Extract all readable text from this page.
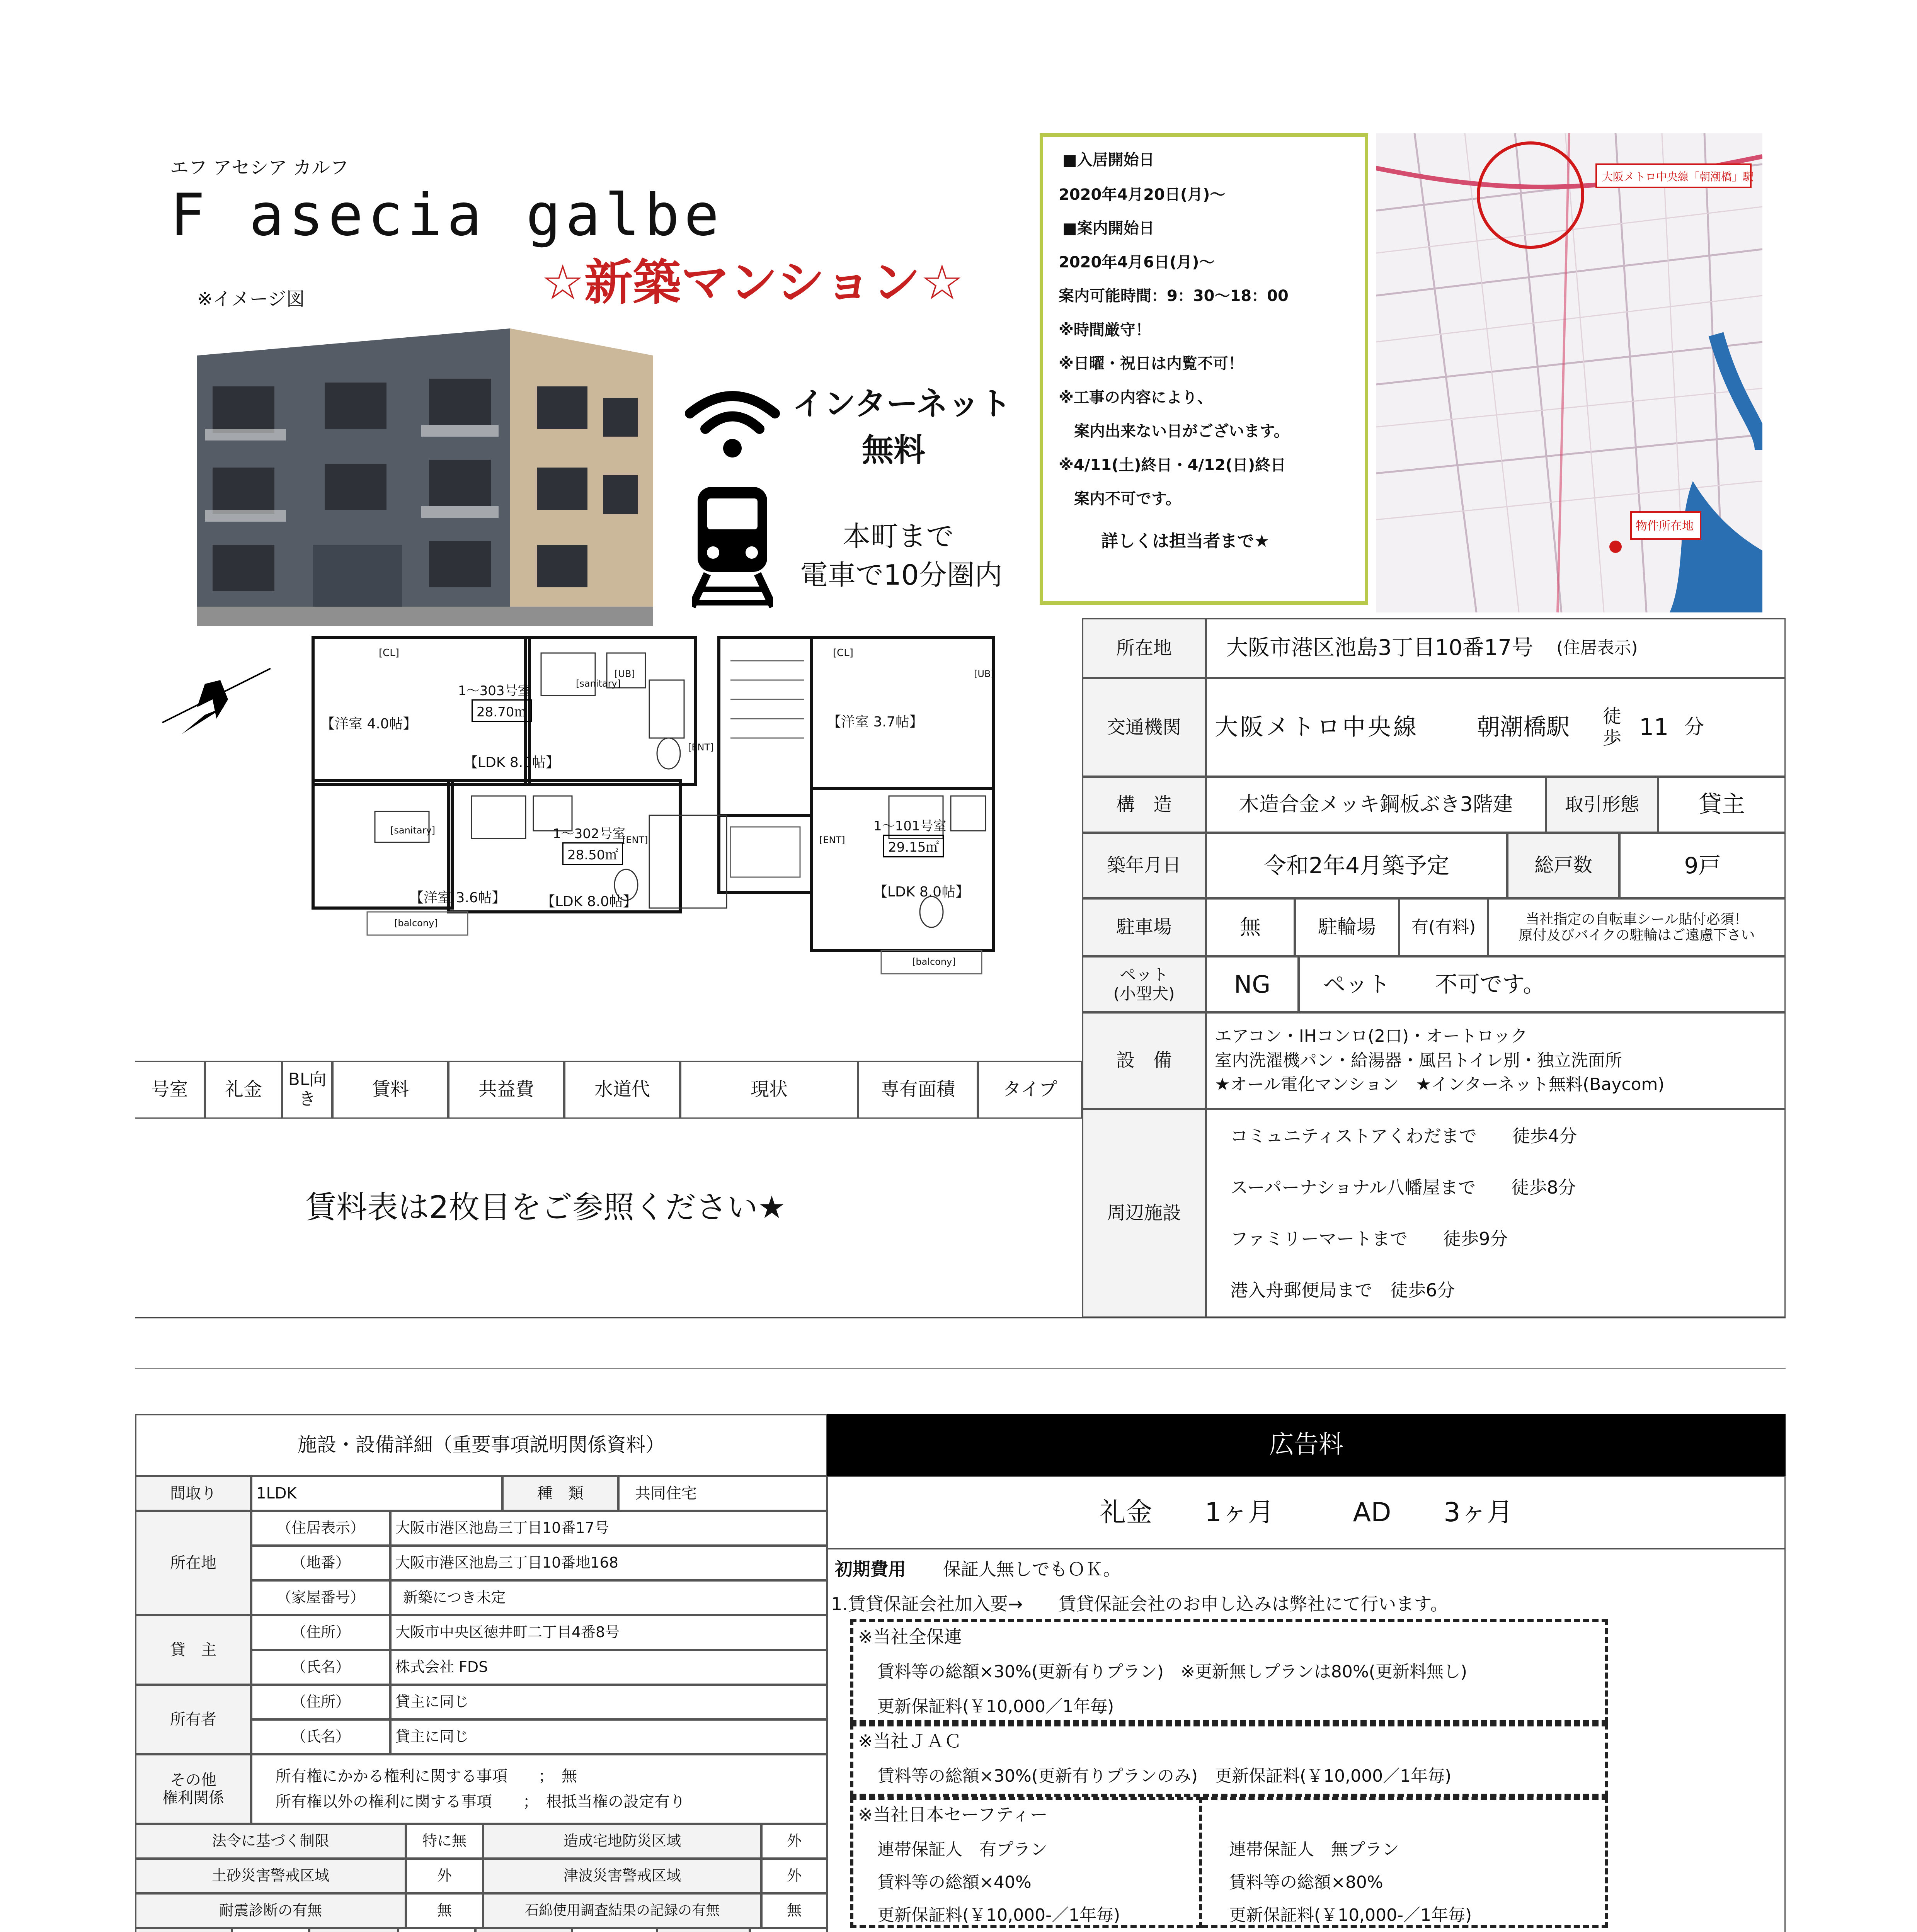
エフ アセシア カルフ
F asecia galbe
☆新築マンション☆
※イメージ図
インターネット
無料
本町まで
電車で10分圏内
■入居開始日
2020年4月20日(月)〜
■案内開始日
2020年4月6日(月)〜
案内可能時間：9：30〜18：00
※時間厳守！
※日曜・祝日は内覧不可！
※工事の内容により、
　案内出来ない日がございます。
※4/11(土)終日・4/12(日)終日
　案内不可です。
詳しくは担当者まで★
大阪メトロ中央線「朝潮橋」駅
物件所在地
[CL]	[CL]
[UB]	[UB]
[sanitary]
[sanitary]
1〜303号室
28.70㎡
【洋室 4.0帖】
【LDK 8.0帖】
【洋室 3.7帖】
[ENT]
1〜302号室
28.50㎡
1〜101号室
29.15㎡
[ENT]	[ENT]
【洋室 3.6帖】	【LDK 8.0帖】
【LDK 8.0帖】
[balcony]
[balcony]
所在地	大阪市港区池島3丁目10番17号 (住居表示)
交通機関	大阪メトロ中央線	朝潮橋駅 徒歩 11 分
構　造	木造合金メッキ鋼板ぶき3階建	取引形態	貸主
築年月日	令和2年4月築予定	総戸数	9戸
駐車場	無	駐輪場	有(有料)	当社指定の自転車シール貼付必須！
原付及びバイクの駐輪はご遠慮下さい
ペット
(小型犬)	NG	ペット　　不可です。
設　備
エアコン・IHコンロ(2口)・オートロック
室内洗濯機パン・給湯器・風呂トイレ別・独立洗面所
★オール電化マンション　★インターネット無料(Baycom)
周辺施設
コミュニティストアくわだまで　　徒歩4分
スーパーナショナル八幡屋まで　　徒歩8分
ファミリーマートまで　　徒歩9分
港入舟郵便局まで　徒歩6分
号室	礼金	BL向き	賃料	共益費	水道代	現状	専有面積	タイプ
賃料表は2枚目をご参照ください★
施設・設備詳細（重要事項説明関係資料）
間取り	1LDK	種　類	共同住宅
所在地
（住居表示）	大阪市港区池島三丁目10番17号
（地番）	大阪市港区池島三丁目10番地168
（家屋番号）	新築につき未定
貸　主
（住所）	大阪市中央区徳井町二丁目4番8号
（氏名）	株式会社 FDS
所有者
（住所）	貸主に同じ
（氏名）	貸主に同じ
その他
権利関係
所有権にかかる権利に関する事項　　；　無
所有権以外の権利に関する事項　　；　根抵当権の設定有り
法令に基づく制限	特に無	造成宅地防災区域	外
土砂災害警戒区域	外	津波災害警戒区域	外
耐震診断の有無	無	石綿使用調査結果の記録の有無	無
広告料
礼金　　1ヶ月　　　AD　　3ヶ月
初期費用 保証人無しでもＯＫ。
1.賃貸保証会社加入要→　　賃貸保証会社のお申し込みは弊社にて行います。
※当社全保連
賃料等の総額×30%(更新有りプラン)　※更新無しプランは80%(更新料無し)
更新保証料(￥10,000／1年毎)
※当社ＪＡＣ
賃料等の総額×30%(更新有りプランのみ)　更新保証料(￥10,000／1年毎)
※当社日本セーフティー
連帯保証人　有プラン
賃料等の総額×40%
更新保証料(￥10,000-／1年毎)
連帯保証人　無プラン
賃料等の総額×80%
更新保証料(￥10,000-／1年毎)
